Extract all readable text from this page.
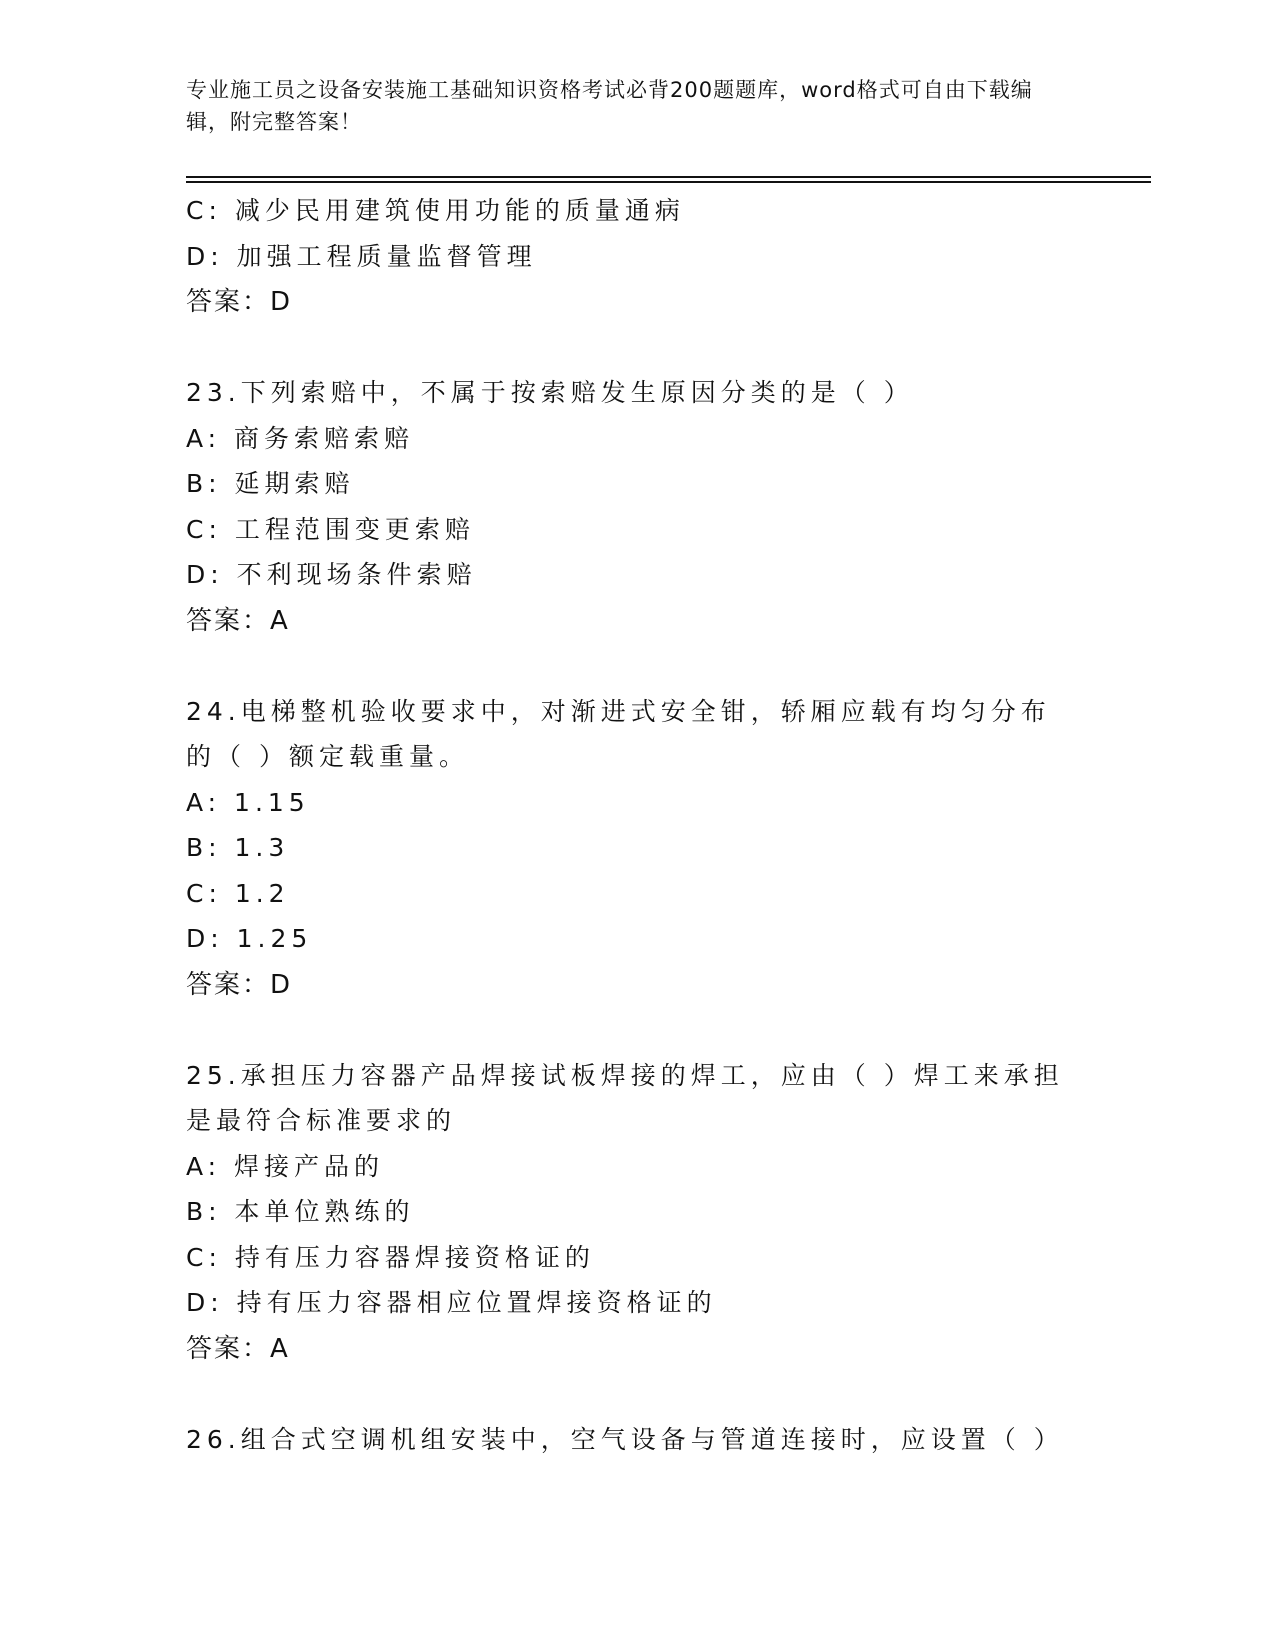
专业施工员之设备安装施工基础知识资格考试必背200题题库，word格式可自由下载编辑，附完整答案！
C: 减少民用建筑使用功能的质量通病
D: 加强工程质量监督管理
答案：D
23.下列索赔中，不属于按索赔发生原因分类的是（ ）
A: 商务索赔索赔
B: 延期索赔
C: 工程范围变更索赔
D: 不利现场条件索赔
答案：A
24.电梯整机验收要求中，对渐进式安全钳，轿厢应载有均匀分布的（ ）额定载重量。
A: 1.15
B: 1.3
C: 1.2
D: 1.25
答案：D
25.承担压力容器产品焊接试板焊接的焊工，应由（ ）焊工来承担是最符合标准要求的
A: 焊接产品的
B: 本单位熟练的
C: 持有压力容器焊接资格证的
D: 持有压力容器相应位置焊接资格证的
答案：A
26.组合式空调机组安装中，空气设备与管道连接时，应设置（ ）
